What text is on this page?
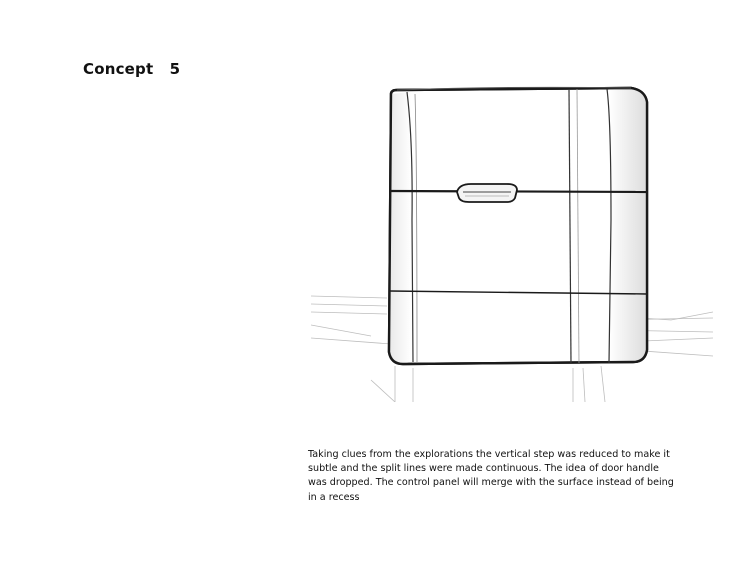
Concept   5
Taking clues from the explorations the vertical step was reduced to make it
subtle and the split lines were made continuous. The idea of door handle
was dropped. The control panel will merge with the surface instead of being
in a recess
